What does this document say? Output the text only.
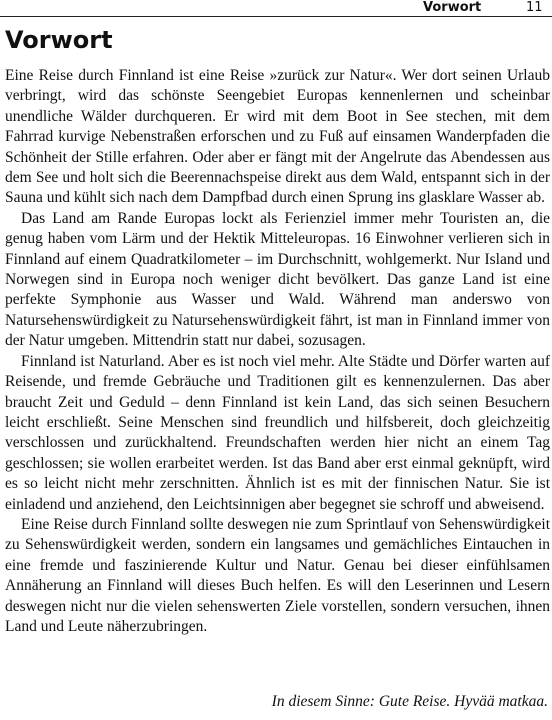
Vorwort	11
Vorwort

Eine Reise durch Finnland ist eine Reise »zurück zur Natur«. Wer dort seinen Urlaub verbringt, wird das schönste Seengebiet Europas kennenlernen und scheinbar unendliche Wälder durchqueren. Er wird mit dem Boot in See stechen, mit dem Fahrrad kurvige Nebenstraßen erforschen und zu Fuß auf einsamen Wanderpfaden die Schönheit der Stille erfahren. Oder aber er fängt mit der Angelrute das Abendessen aus dem See und holt sich die Beerennachspeise direkt aus dem Wald, entspannt sich in der Sauna und kühlt sich nach dem Dampfbad durch einen Sprung ins glasklare Wasser ab.

Das Land am Rande Europas lockt als Ferienziel immer mehr Touristen an, die genug haben vom Lärm und der Hektik Mitteleuropas. 16 Einwohner verlieren sich in Finnland auf einem Quadratkilometer – im Durchschnitt, wohlgemerkt. Nur Island und Norwegen sind in Europa noch weniger dicht bevölkert. Das ganze Land ist eine perfekte Symphonie aus Wasser und Wald. Während man anderswo von Natursehenswürdigkeit zu Natursehenswürdigkeit fährt, ist man in Finnland immer von der Natur umgeben. Mittendrin statt nur dabei, sozusagen.

Finnland ist Naturland. Aber es ist noch viel mehr. Alte Städte und Dörfer warten auf Reisende, und fremde Gebräuche und Traditionen gilt es kennenzulernen. Das aber braucht Zeit und Geduld – denn Finnland ist kein Land, das sich seinen Besuchern leicht erschließt. Seine Menschen sind freundlich und hilfsbereit, doch gleichzeitig verschlossen und zurückhaltend. Freundschaften werden hier nicht an einem Tag geschlossen; sie wollen erarbeitet werden. Ist das Band aber erst einmal geknüpft, wird es so leicht nicht mehr zerschnitten. Ähnlich ist es mit der finnischen Natur. Sie ist einladend und anziehend, den Leichtsinnigen aber begegnet sie schroff und abweisend.

Eine Reise durch Finnland sollte deswegen nie zum Sprintlauf von Sehenswürdigkeit zu Sehenswürdigkeit werden, sondern ein langsames und gemächliches Eintauchen in eine fremde und faszinierende Kultur und Natur. Genau bei dieser einfühlsamen Annäherung an Finnland will dieses Buch helfen. Es will den Leserinnen und Lesern deswegen nicht nur die vielen sehenswerten Ziele vorstellen, sondern versuchen, ihnen Land und Leute näherzubringen.

In diesem Sinne: Gute Reise. Hyvää matkaa.
